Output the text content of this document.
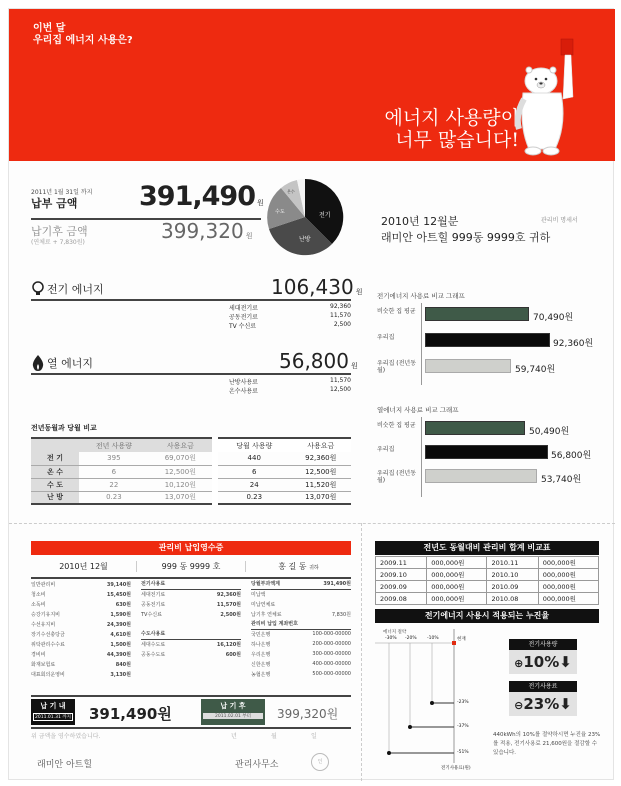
이번 달
우리집 에너지 사용은?
에너지 사용량이
너무 많습니다!
2011년 1월 31일 까지
납부 금액 391,490 원
납기후 금액
(연체료 + 7,830원)	399,320 원
전기
난방
수도
온수
2010년 12월분	관리비 명세서
래미안 아트힐 999동 9999호 귀하
전기 에너지	106,430 원
세대전기료	92,360
공동전기료	11,570
TV 수신료	2,500
열 에너지	56,800 원
난방사용료	11,570
온수사용료	12,500
전년동월과 당월 비교
	전년 사용량	사용요금	당월 사용량	사용요금
전 기	395	69,070원	440	92,360원
온 수	6	12,500원	6	12,500원
수 도	22	10,120원	24	11,520원
난 방	0.23	13,070원	0.23	13,070원
전기에너지 사용료 비교 그래프
비슷한 집 평균
70,490원
우리집
92,360원
우리집 (전년동월)	59,740원
열에너지 사용료 비교 그래프
비슷한 집 평균
50,490원
우리집
56,800원
우리집 (전년동월)	53,740원
관리비 납입영수증
2010년 12월	999 동 9999 호	홍 길 동 귀하
일반관리비	39,140원
청소비	15,450원
소독비	630원
승강기유지비	1,590원
수선유지비	24,390원
장기수선충당금	4,610원
위탁관리수수료	1,500원
경비비	44,390원
화재보험료	840원
대표회의운영비	3,130원
전기사용료	
세대전기료	92,360원
공동전기료	11,570원
TV수신료	2,500원

수도사용료	
세대수도료	16,120원
공동수도료	600원
당월부과액계	391,490원
미납액	
미납연체료	
납기후 연체료	7,830원
관리비 납입 계좌번호	
국민은행	100-000-00000
하나은행	200-000-00000
우리은행	300-000-00000
신한은행	400-000-00000
농협은행	500-000-00000
납 기 내
2011.01.31 까지 391,490원	납 기 후
2011.02.01 부터	399,320원
위 금액을 영수하였습니다.	년	월	일
래미안 아트힐	관리사무소	인
전년도 동월대비 관리비 합계 비교표
2009.11	000,000원	2010.11	000,000원
2009.10	000,000원	2010.10	000,000원
2009.09	000,000원	2010.09	000,000원
2009.08	000,000원	2010.08	000,000원
전기에너지 사용시 적용되는 누진율
에너지 절약
-30% -20% -10%	현재
-23%
-37%
-51%
전기사용료(원)
전기사용량
⊕10%⬇
전기사용료
⊖23%⬇
440kWh의 10%를 절약하시면 누진율 23%를 적용, 전기사용료 21,600원을 절감할 수 있습니다.
